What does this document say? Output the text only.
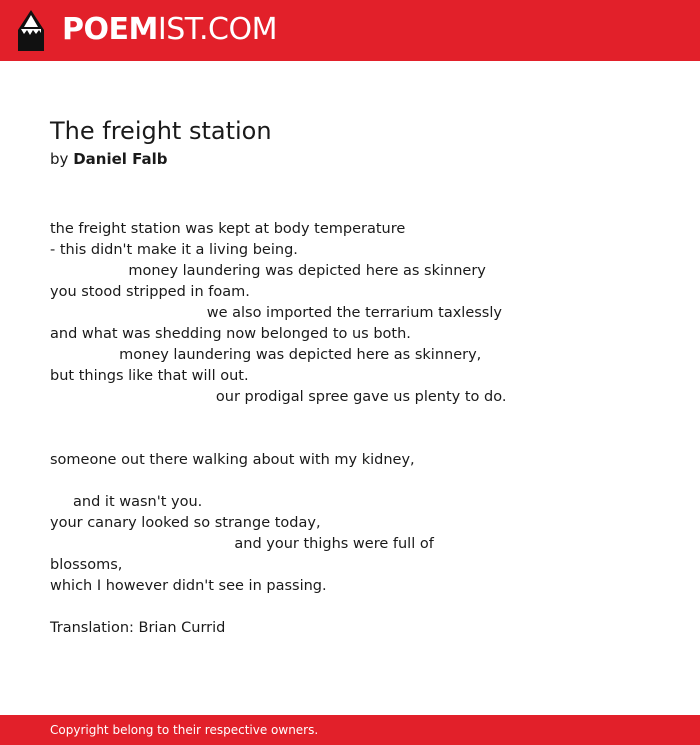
POEMIST.COM
The freight station
by Daniel Falb
the freight station was kept at body temperature
- this didn't make it a living being.
money laundering was depicted here as skinnery
you stood stripped in foam.
we also imported the terrarium taxlessly
and what was shedding now belonged to us both.
money laundering was depicted here as skinnery,
but things like that will out.
our prodigal spree gave us plenty to do.
someone out there walking about with my kidney,
and it wasn't you.
your canary looked so strange today,
and your thighs were full of
blossoms,
which I however didn't see in passing.
Translation: Brian Currid
Copyright belong to their respective owners.
